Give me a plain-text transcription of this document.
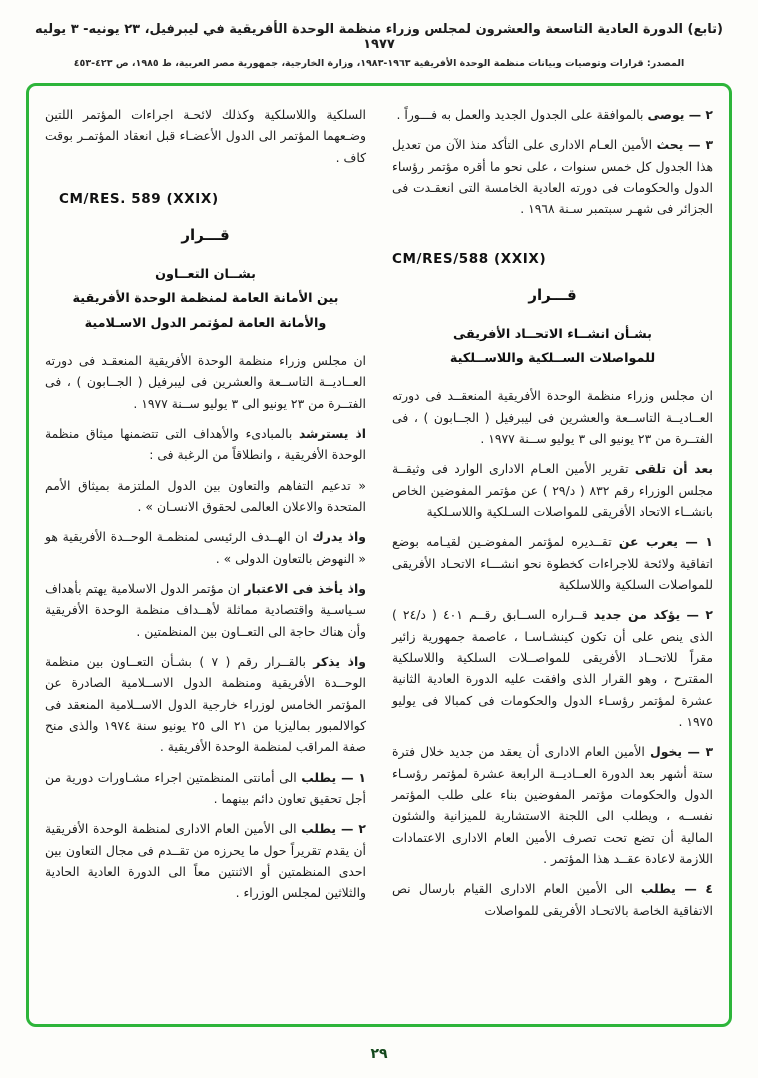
(تابع) الدورة العادية التاسعة والعشرون لمجلس وزراء منظمة الوحدة الأفريقية في ليبرفيل، ٢٣ يونيه- ٣ يوليه ١٩٧٧
المصدر: قرارات وتوصيات وبيانات منظمة الوحدة الأفريقية ١٩٦٣-١٩٨٣، وزارة الخارجية، جمهورية مصر العربية، ط ١٩٨٥، ص ٤٢٣-٤٥٣

٢ — يوصى بالموافقة على الجدول الجديد والعمل به فـــوراً .

٣ — يحث الأمين العـام الادارى على التأكد منذ الآن من تعديل هذا الجدول كل خمس سنوات ، على نحو ما أقره مؤتمر رؤساء الدول والحكومات فى دورته العادية الخامسة التى انعقـدت فى الجزائر فى شهـر سبتمبر سـنة ١٩٦٨ .

CM/RES/588 (XXIX)
قـــرار
بشـأن انشــاء الاتحــاد الأفريقى
للمواصلات الســلكية واللاســلكية

ان مجلس وزراء منظمة الوحدة الأفريقية المنعقــد فى دورته العــاديــة التاســعة والعشرين فى ليبرفيل ( الجــابون ) ، فى الفتــرة من ٢٣ يونيو الى ٣ يوليو ســنة ١٩٧٧ .

بعد أن تلقى تقرير الأمين العـام الادارى الوارد فى وثيقــة مجلس الوزراء رقم ٨٣٢ ( د/٢٩ ) عن مؤتمر المفوضين الخاص بانشــاء الاتحاد الأفريقى للمواصلات السـلكية واللاسـلكية

١ — يعرب عن تقــديره لمؤتمر المفوضـين لقيـامه بوضع اتفاقية ولائحة للاجراءات كخطوة نحو انشـــاء الاتحـاد الأفريقى للمواصلات السلكية واللاسلكية

٢ — يؤكد من جديد قــراره الســابق رقــم ٤٠١ ( د/٢٤ ) الذى ينص على أن تكون كينشـاسـا ، عاصمة جمهورية زائير مقراً للاتحــاد الأفريقى للمواصــلات السلكية واللاسلكية المقترح ، وهو القرار الذى وافقت عليه الدورة العادية الثانية عشرة لمؤتمر رؤسـاء الدول والحكومات فى كمبالا فى يوليو ١٩٧٥ .

٣ — يخول الأمين العام الادارى أن يعقد من جديد خلال فترة ستة أشهر بعد الدورة العــاديــة الرابعة عشرة لمؤتمر رؤسـاء الدول والحكومات مؤتمر المفوضين بناء على طلب المؤتمر نفســه ، ويطلب الى اللجنة الاستشارية للميزانية والشئون المالية أن تضع تحت تصرف الأمين العام الادارى الاعتمادات اللازمة لاعادة عقــد هذا المؤتمر .

٤ — يطلب الى الأمين العام الادارى القيام بارسال نص الاتفاقية الخاصة بالاتحـاد الأفريقى للمواصلات

السلكية واللاسلكية وكذلك لائحـة اجراءات المؤتمر اللتين وضـعهما المؤتمر الى الدول الأعضـاء قبل انعقاد المؤتمـر بوقت كاف .

CM/RES. 589 (XXIX)
قـــرار
بشــان التعــاون
بين الأمانة العامة لمنظمة الوحدة الأفريقية
والأمانة العامة لمؤتمر الدول الاسـلامية

ان مجلس وزراء منظمة الوحدة الأفريقية المنعقـد فى دورته العــاديــة التاســعة والعشرين فى ليبرفيل ( الجــابون ) ، فى الفتــرة من ٢٣ يونيو الى ٣ يوليو ســنة ١٩٧٧ .

اذ يسترشد بالمبادىء والأهداف التى تتضمنها ميثاق منظمة الوحدة الأفريقية ، وانطلاقاً من الرغبة فى :

« تدعيم التفاهم والتعاون بين الدول الملتزمة بميثاق الأمم المتحدة والاعلان العالمى لحقوق الانسـان » .

واذ يدرك ان الهــدف الرئيسى لمنظمـة الوحــدة الأفريقية هو « النهوض بالتعاون الدولى » .

واذ يأخذ فى الاعتبار ان مؤتمر الدول الاسلامية يهتم بأهداف سـياسـية واقتصادية مماثلة لأهــداف منظمة الوحدة الأفريقية وأن هناك حاجة الى التعــاون بين المنظمتين .

واذ يذكر بالقــرار رقم ( ٧ ) بشـأن التعــاون بين منظمة الوحــدة الأفريقية ومنظمة الدول الاســلامية الصادرة عن المؤتمر الخامس لوزراء خارجية الدول الاســلامية المنعقد فى كوالالمبور بماليزيا من ٢١ الى ٢٥ يونيو سنة ١٩٧٤ والذى منح صفة المراقب لمنظمة الوحدة الأفريقية .

١ — يطلب الى أمانتى المنظمتين اجراء مشـاورات دورية من أجل تحقيق تعاون دائم بينهما .

٢ — يطلب الى الأمين العام الادارى لمنظمة الوحدة الأفريقية أن يقدم تقريراً حول ما يحرزه من تقــدم فى مجال التعاون بين احدى المنظمتين أو الاثنتين معاً الى الدورة العادية الحادية والثلاثين لمجلس الوزراء .

٢٩
